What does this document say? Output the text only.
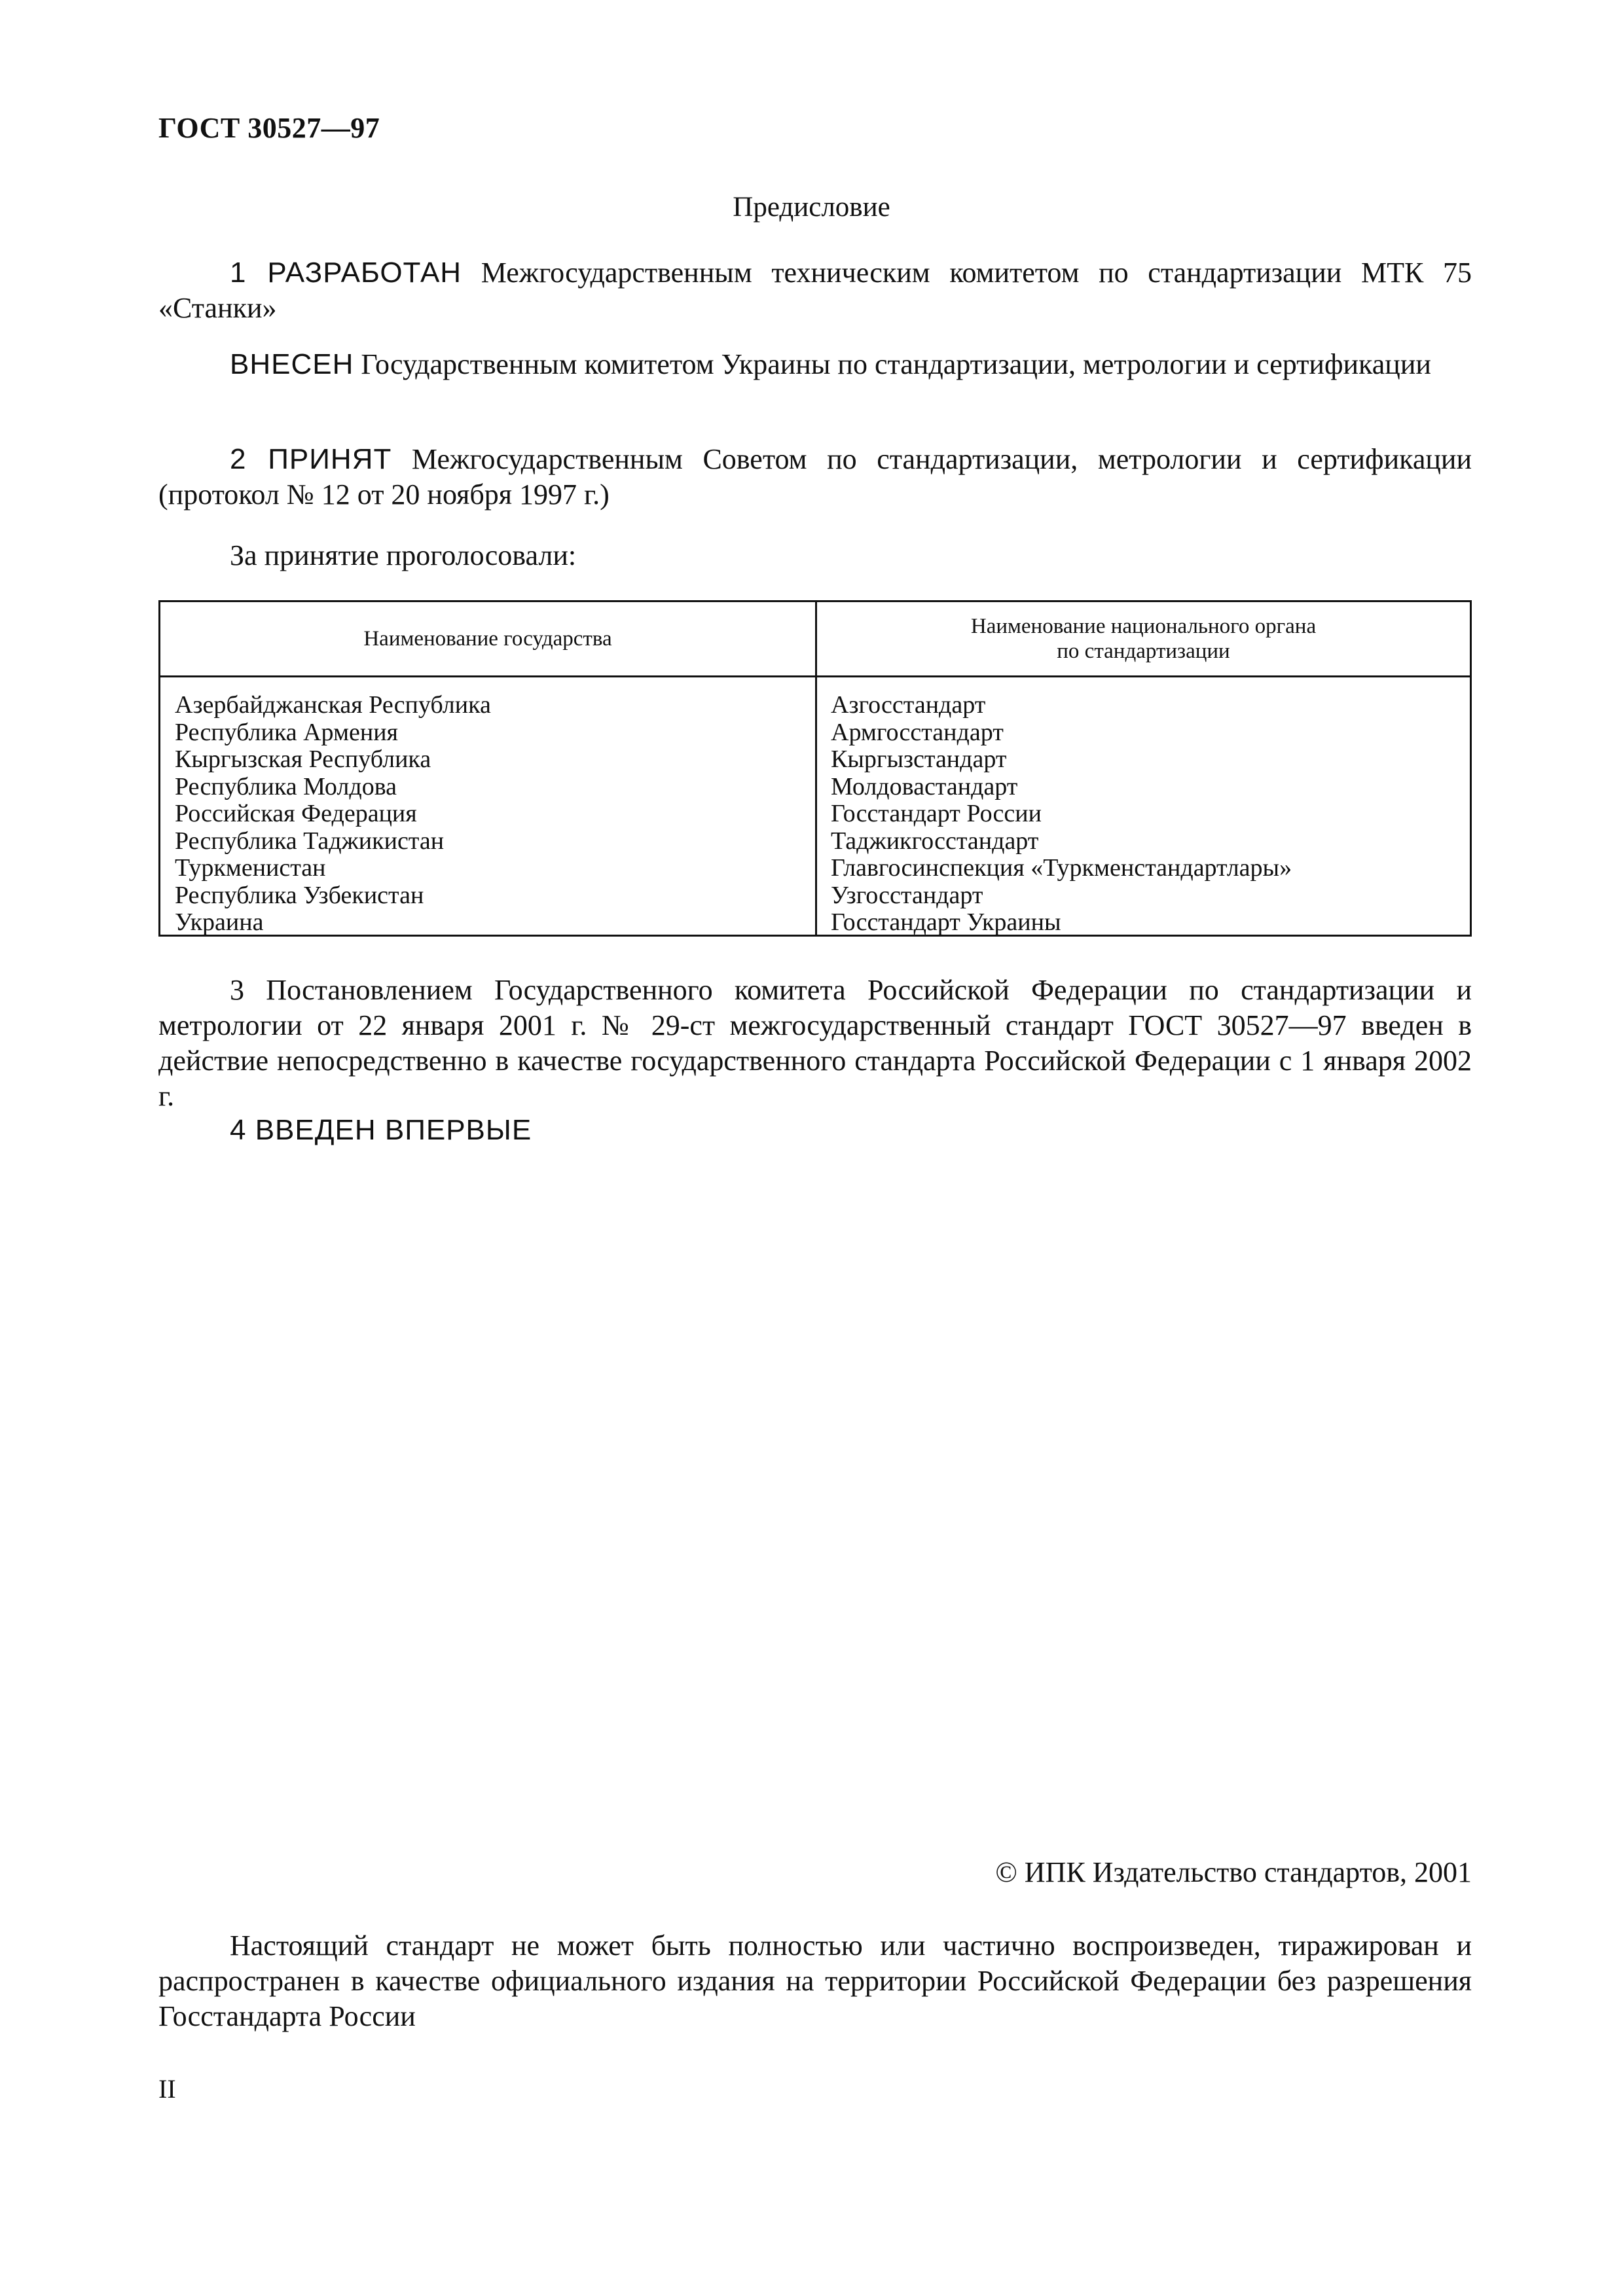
ГОСТ 30527—97
Предисловие
1 РАЗРАБОТАН Межгосударственным техническим комитетом по стандартизации МТК 75 «Станки»
ВНЕСЕН Государственным комитетом Украины по стандартизации, метрологии и сертификации
2 ПРИНЯТ Межгосударственным Советом по стандартизации, метрологии и сертификации (протокол № 12 от 20 ноября 1997 г.)
За принятие проголосовали:
Наименование государства
Наименование национального органа
по стандартизации
Азербайджанская Республика
Республика Армения
Кыргызская Республика
Республика Молдова
Российская Федерация
Республика Таджикистан
Туркменистан
Республика Узбекистан
Украина
Азгосстандарт
Армгосстандарт
Кыргызстандарт
Молдовастандарт
Госстандарт России
Таджикгосстандарт
Главгосинспекция «Туркменстандартлары»
Узгосстандарт
Госстандарт Украины
3 Постановлением Государственного комитета Российской Федерации по стандартизации и метрологии от 22 января 2001 г. № 29-ст межгосударственный стандарт ГОСТ 30527—97 введен в действие непосредственно в качестве государственного стандарта Российской Федерации с 1 января 2002 г.
4 ВВЕДЕН ВПЕРВЫЕ
© ИПК Издательство стандартов, 2001
Настоящий стандарт не может быть полностью или частично воспроизведен, тиражирован и распространен в качестве официального издания на территории Российской Федерации без разрешения Госстандарта России
II
